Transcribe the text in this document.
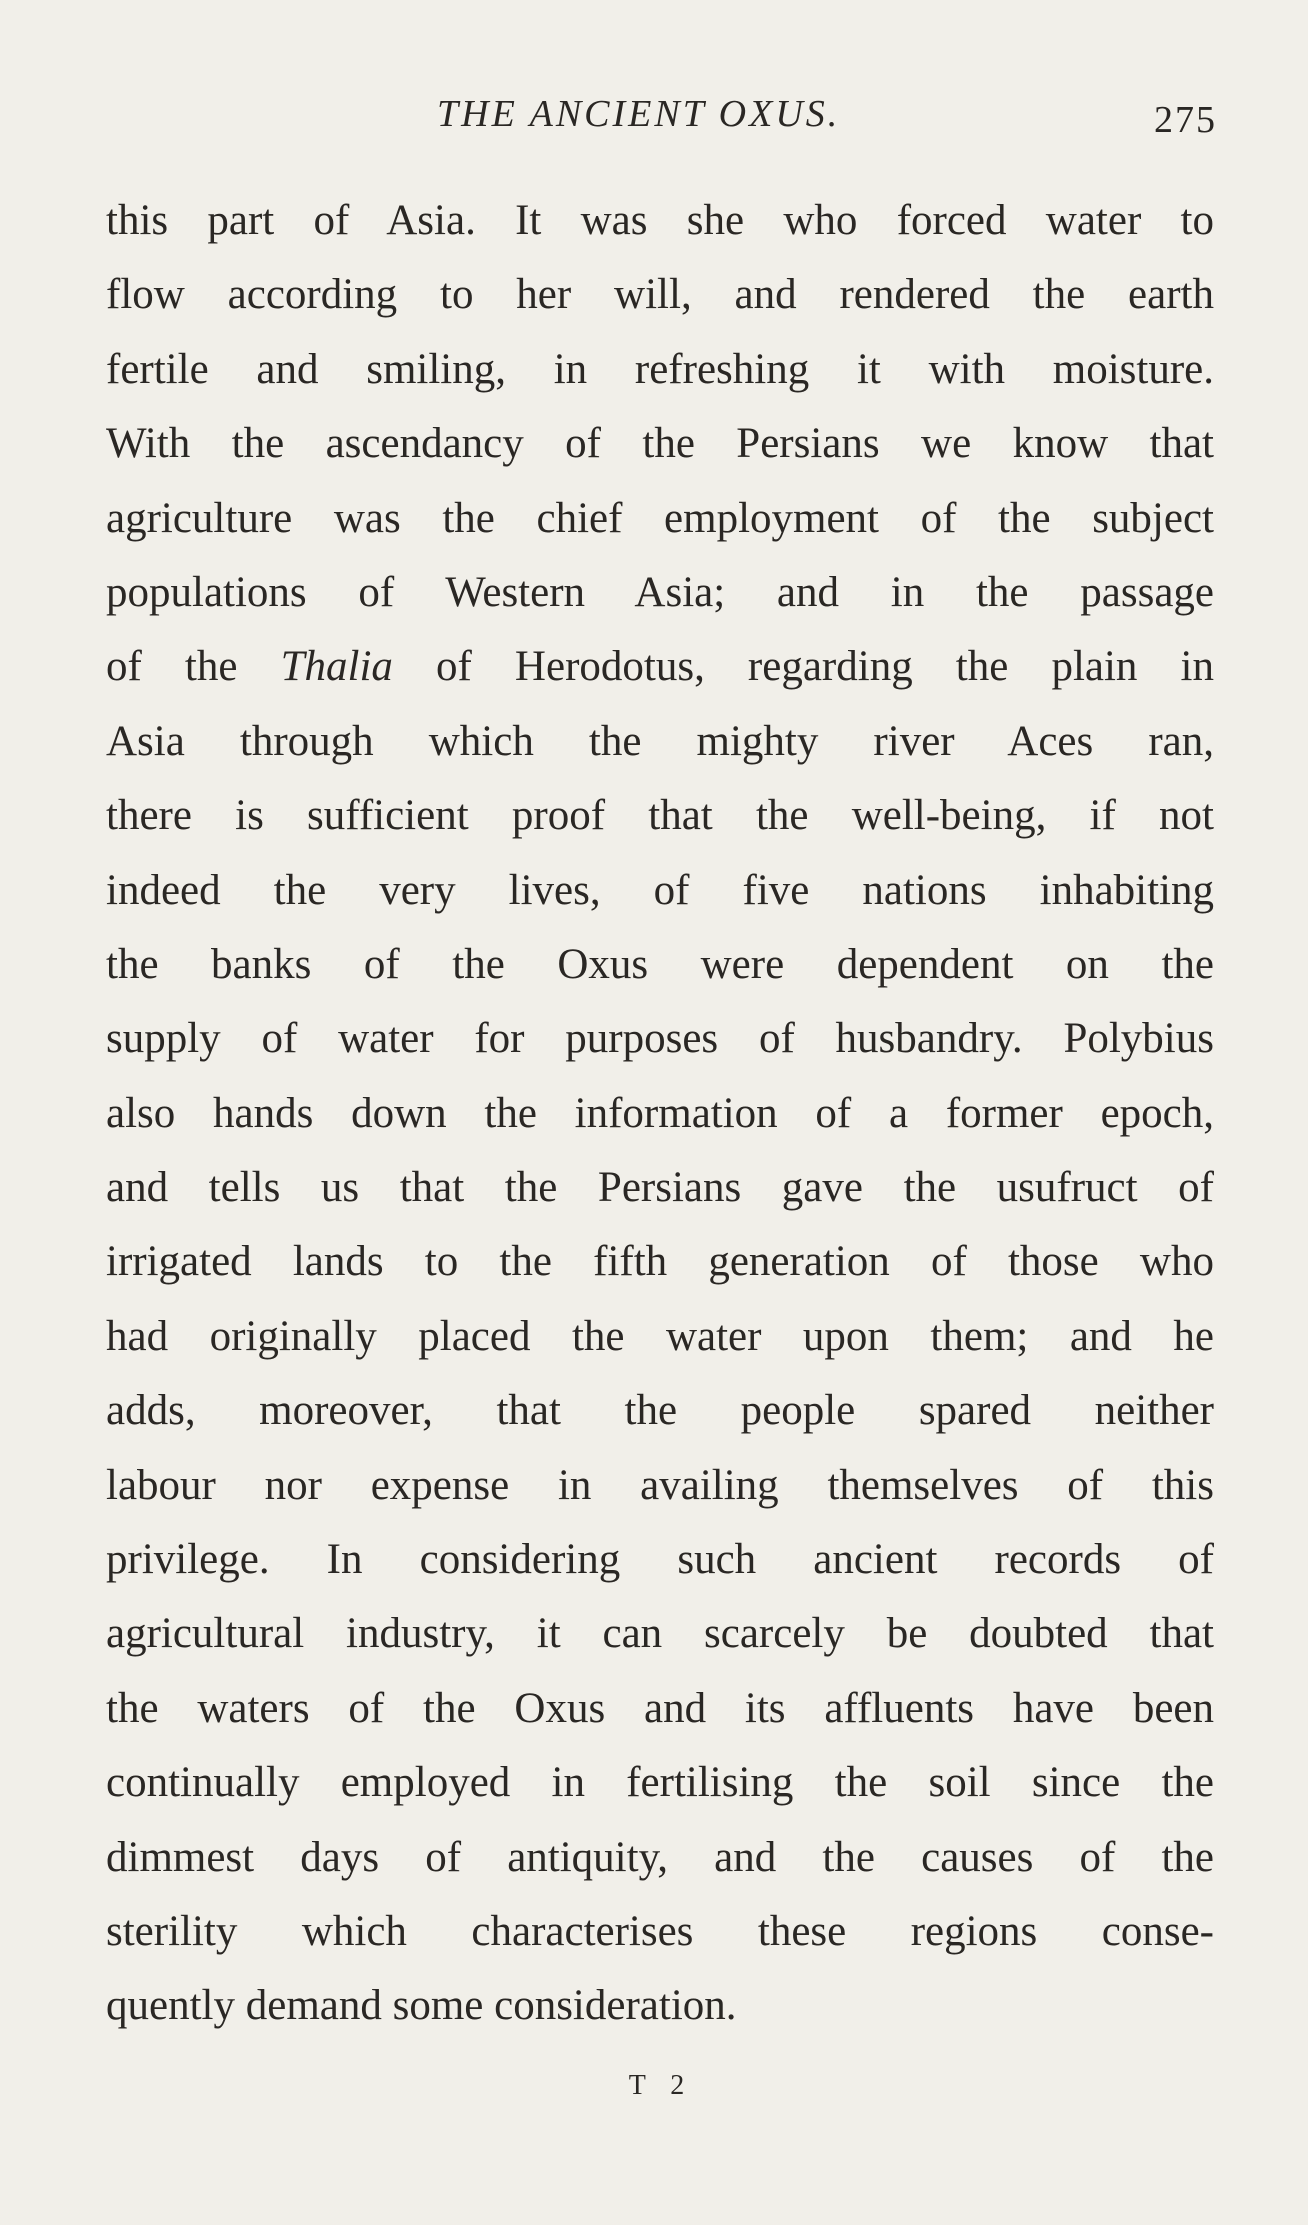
THE ANCIENT OXUS.	275
this part of Asia. It was she who forced water to
flow according to her will, and rendered the earth
fertile and smiling, in refreshing it with moisture.
With the ascendancy of the Persians we know that
agriculture was the chief employment of the subject
populations of Western Asia; and in the passage
of the Thalia of Herodotus, regarding the plain in
Asia through which the mighty river Aces ran,
there is sufficient proof that the well-being, if not
indeed the very lives, of five nations inhabiting
the banks of the Oxus were dependent on the
supply of water for purposes of husbandry. Polybius
also hands down the information of a former epoch,
and tells us that the Persians gave the usufruct of
irrigated lands to the fifth generation of those who
had originally placed the water upon them; and he
adds, moreover, that the people spared neither
labour nor expense in availing themselves of this
privilege. In considering such ancient records of
agricultural industry, it can scarcely be doubted that
the waters of the Oxus and its affluents have been
continually employed in fertilising the soil since the
dimmest days of antiquity, and the causes of the
sterility which characterises these regions conse-
quently demand some consideration.
T 2
